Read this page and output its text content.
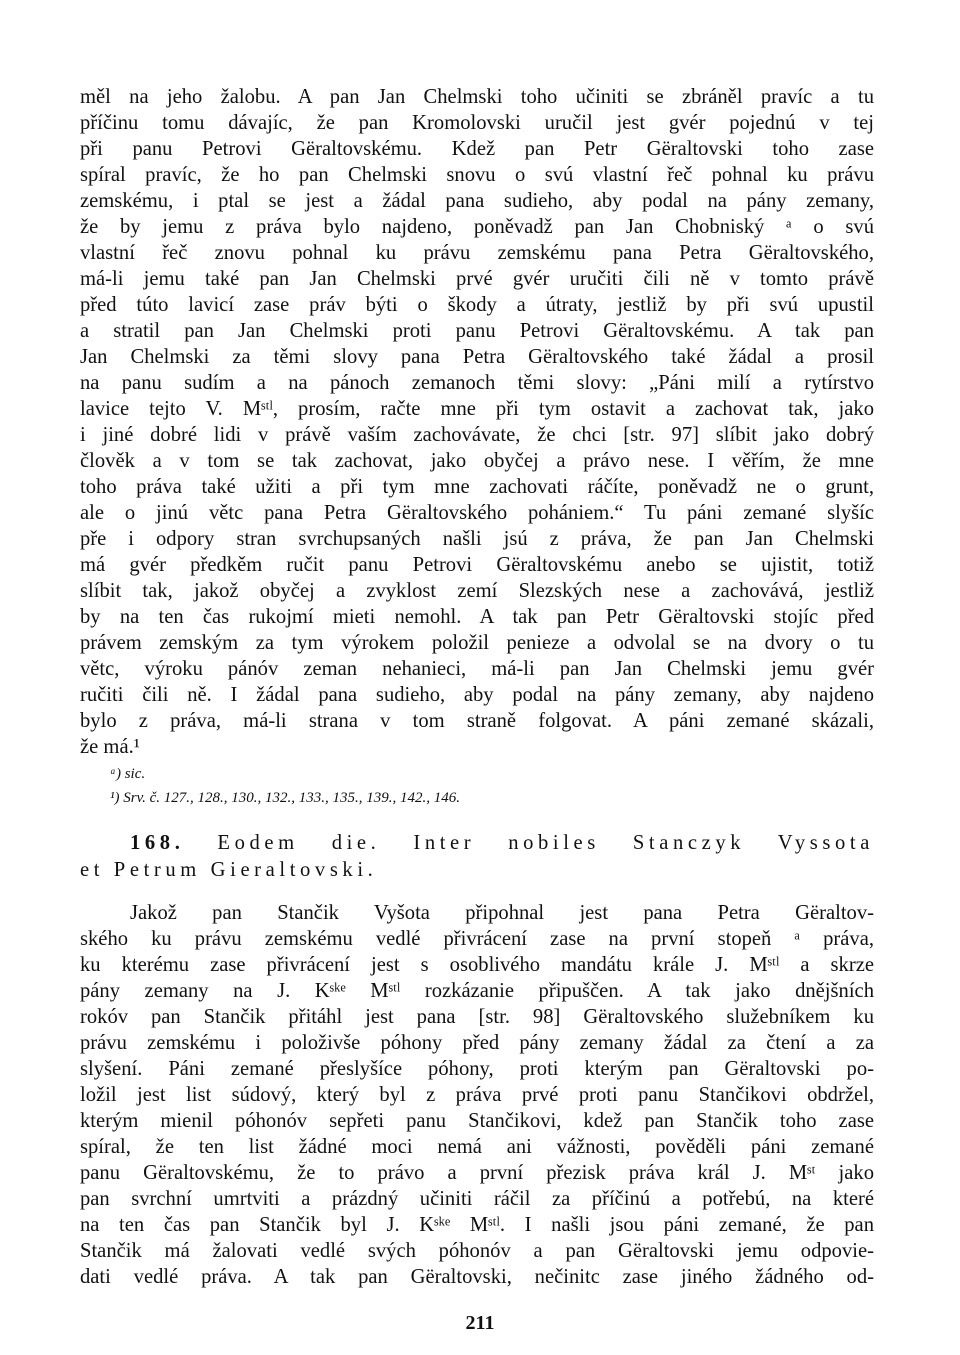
měl na jeho žalobu. A pan Jan Chelmski toho učiniti se zbráněl pravíc a tu
příčinu tomu dávajíc, že pan Kromolovski uručil jest gvér pojednú v tej
při panu Petrovi Gëraltovskému. Kdež pan Petr Gëraltovski toho zase
spíral pravíc, že ho pan Chelmski snovu o svú vlastní řeč pohnal ku právu
zemskému, i ptal se jest a žádal pana sudieho, aby podal na pány zemany,
že by jemu z práva bylo najdeno, poněvadž pan Jan Chobniský ᵃ o svú
vlastní řeč znovu pohnal ku právu zemskému pana Petra Gëraltovského,
má-li jemu také pan Jan Chelmski prvé gvér uručiti čili ně v tomto právě
před túto lavicí zase práv býti o škody a útraty, jestliž by při svú upustil
a stratil pan Jan Chelmski proti panu Petrovi Gëraltovskému. A tak pan
Jan Chelmski za těmi slovy pana Petra Gëraltovského také žádal a prosil
na panu sudím a na pánoch zemanoch těmi slovy: „Páni milí a rytírstvo
lavice tejto V. Mˢᵗˡ, prosím, račte mne při tym ostavit a zachovat tak, jako
i jiné dobré lidi v právě vaším zachovávate, že chci [str. 97] slíbit jako dobrý
člověk a v tom se tak zachovat, jako obyčej a právo nese. I věřím, že mne
toho práva také užiti a při tym mne zachovati ráčíte, poněvadž ne o grunt,
ale o jinú větc pana Petra Gëraltovského pohániem.“ Tu páni zemané slyšíc
pře i odpory stran svrchupsaných našli jsú z práva, že pan Jan Chelmski
má gvér předkěm ručit panu Petrovi Gëraltovskému anebo se ujistit, totiž
slíbit tak, jakož obyčej a zvyklost zemí Slezských nese a zachovává, jestliž
by na ten čas rukojmí mieti nemohl. A tak pan Petr Gëraltovski stojíc před
právem zemským za tym výrokem položil penieze a odvolal se na dvory o tu
větc, výroku pánóv zeman nehanieci, má-li pan Jan Chelmski jemu gvér
ručiti čili ně. I žádal pana sudieho, aby podal na pány zemany, aby najdeno
bylo z práva, má-li strana v tom straně folgovat. A páni zemané skázali,
že má.¹
ᵃ) sic.
¹) Srv. č. 127., 128., 130., 132., 133., 135., 139., 142., 146.
168. Eodem die. Inter nobiles Stanczyk Vyssota
et Petrum Gieraltovski.
Jakož pan Stančik Vyšota připohnal jest pana Petra Gëraltov-
ského ku právu zemskému vedlé přivrácení zase na první stopeň ᵃ práva,
ku kterému zase přivrácení jest s osoblivého mandátu krále J. Mˢᵗˡ a skrze
pány zemany na J. Kˢᵏᵉ Mˢᵗˡ rozkázanie připuščen. A tak jako dnějšních
rokóv pan Stančik přitáhl jest pana [str. 98] Gëraltovského služebníkem ku
právu zemskému i položivše póhony před pány zemany žádal za čtení a za
slyšení. Páni zemané přeslyšíce póhony, proti kterým pan Gëraltovski po-
ložil jest list súdový, který byl z práva prvé proti panu Stančikovi obdržel,
kterým mienil póhonóv sepřeti panu Stančikovi, kdež pan Stančik toho zase
spíral, že ten list žádné moci nemá ani vážnosti, pověděli páni zemané
panu Gëraltovskému, že to právo a první přezisk práva král J. Mˢᵗ jako
pan svrchní umrtviti a prázdný učiniti ráčil za příčinú a potřebú, na které
na ten čas pan Stančik byl J. Kˢᵏᵉ Mˢᵗˡ. I našli jsou páni zemané, že pan
Stančik má žalovati vedlé svých póhonóv a pan Gëraltovski jemu odpovie-
dati vedlé práva. A tak pan Gëraltovski, nečinitc zase jiného žádného od-
211
